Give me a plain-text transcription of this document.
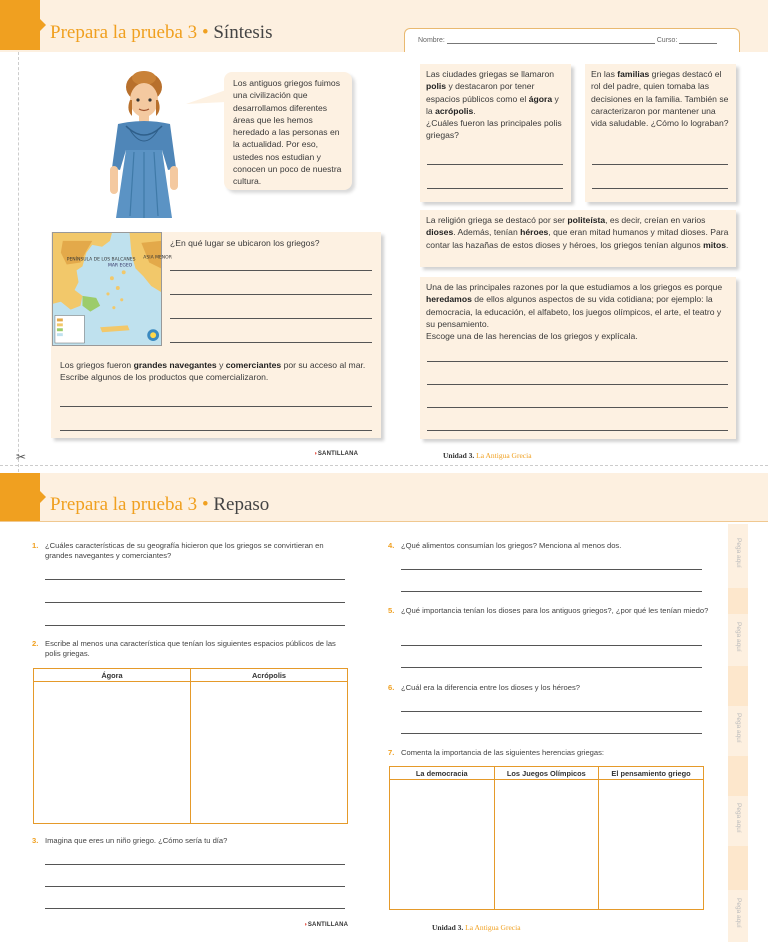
Prepara la prueba 3 • Síntesis	Nombre:	Curso:
✂
Los antiguos griegos fuimos una civilización que desarrollamos diferentes áreas que les hemos heredado a las personas en la actualidad. Por eso, ustedes nos estudian y conocen un poco de nuestra cultura.
PENÍNSULA DE LOS BALCANES
MAR EGEO
ASIA MENOR
¿En qué lugar se ubicaron los griegos?
Los griegos fueron grandes navegantes y comerciantes por su acceso al mar. Escribe algunos de los productos que comercializaron.
Las ciudades griegas se llamaron polis y destacaron por tener espacios públicos como el ágora y la acrópolis.
¿Cuáles fueron las principales polis griegas?
En las familias griegas destacó el rol del padre, quien tomaba las decisiones en la familia. También se caracterizaron por mantener una vida saludable. ¿Cómo lo lograban?
La religión griega se destacó por ser politeísta, es decir, creían en varios dioses. Además, tenían héroes, que eran mitad humanos y mitad dioses. Para contar las hazañas de estos dioses y héroes, los griegos tenían algunos mitos.
Una de las principales razones por la que estudiamos a los griegos es porque heredamos de ellos algunos aspectos de su vida cotidiana; por ejemplo: la democracia, la educación, el alfabeto, los juegos olímpicos, el arte, el teatro y su pensamiento.
Escoge una de las herencias de los griegos y explícala.
◗SANTILLANA	Unidad 3. La Antigua Grecia
Prepara la prueba 3 • Repaso
Pega aquí
Pega aquí
Pega aquí
Pega aquí
Pega aquí
1. ¿Cuáles características de su geografía hicieron que los griegos se convirtieran en grandes navegantes y comerciantes?
2. Escribe al menos una característica que tenían los siguientes espacios públicos de las polis griegas.
Ágora	Acrópolis

3. Imagina que eres un niño griego. ¿Cómo sería tu día?
4. ¿Qué alimentos consumían los griegos? Menciona al menos dos.
5. ¿Qué importancia tenían los dioses para los antiguos griegos?, ¿por qué les tenían miedo?
6. ¿Cuál era la diferencia entre los dioses y los héroes?
7. Comenta la importancia de las siguientes herencias griegas:
La democracia	Los Juegos Olímpicos	El pensamiento griego

◗SANTILLANA	Unidad 3. La Antigua Grecia
